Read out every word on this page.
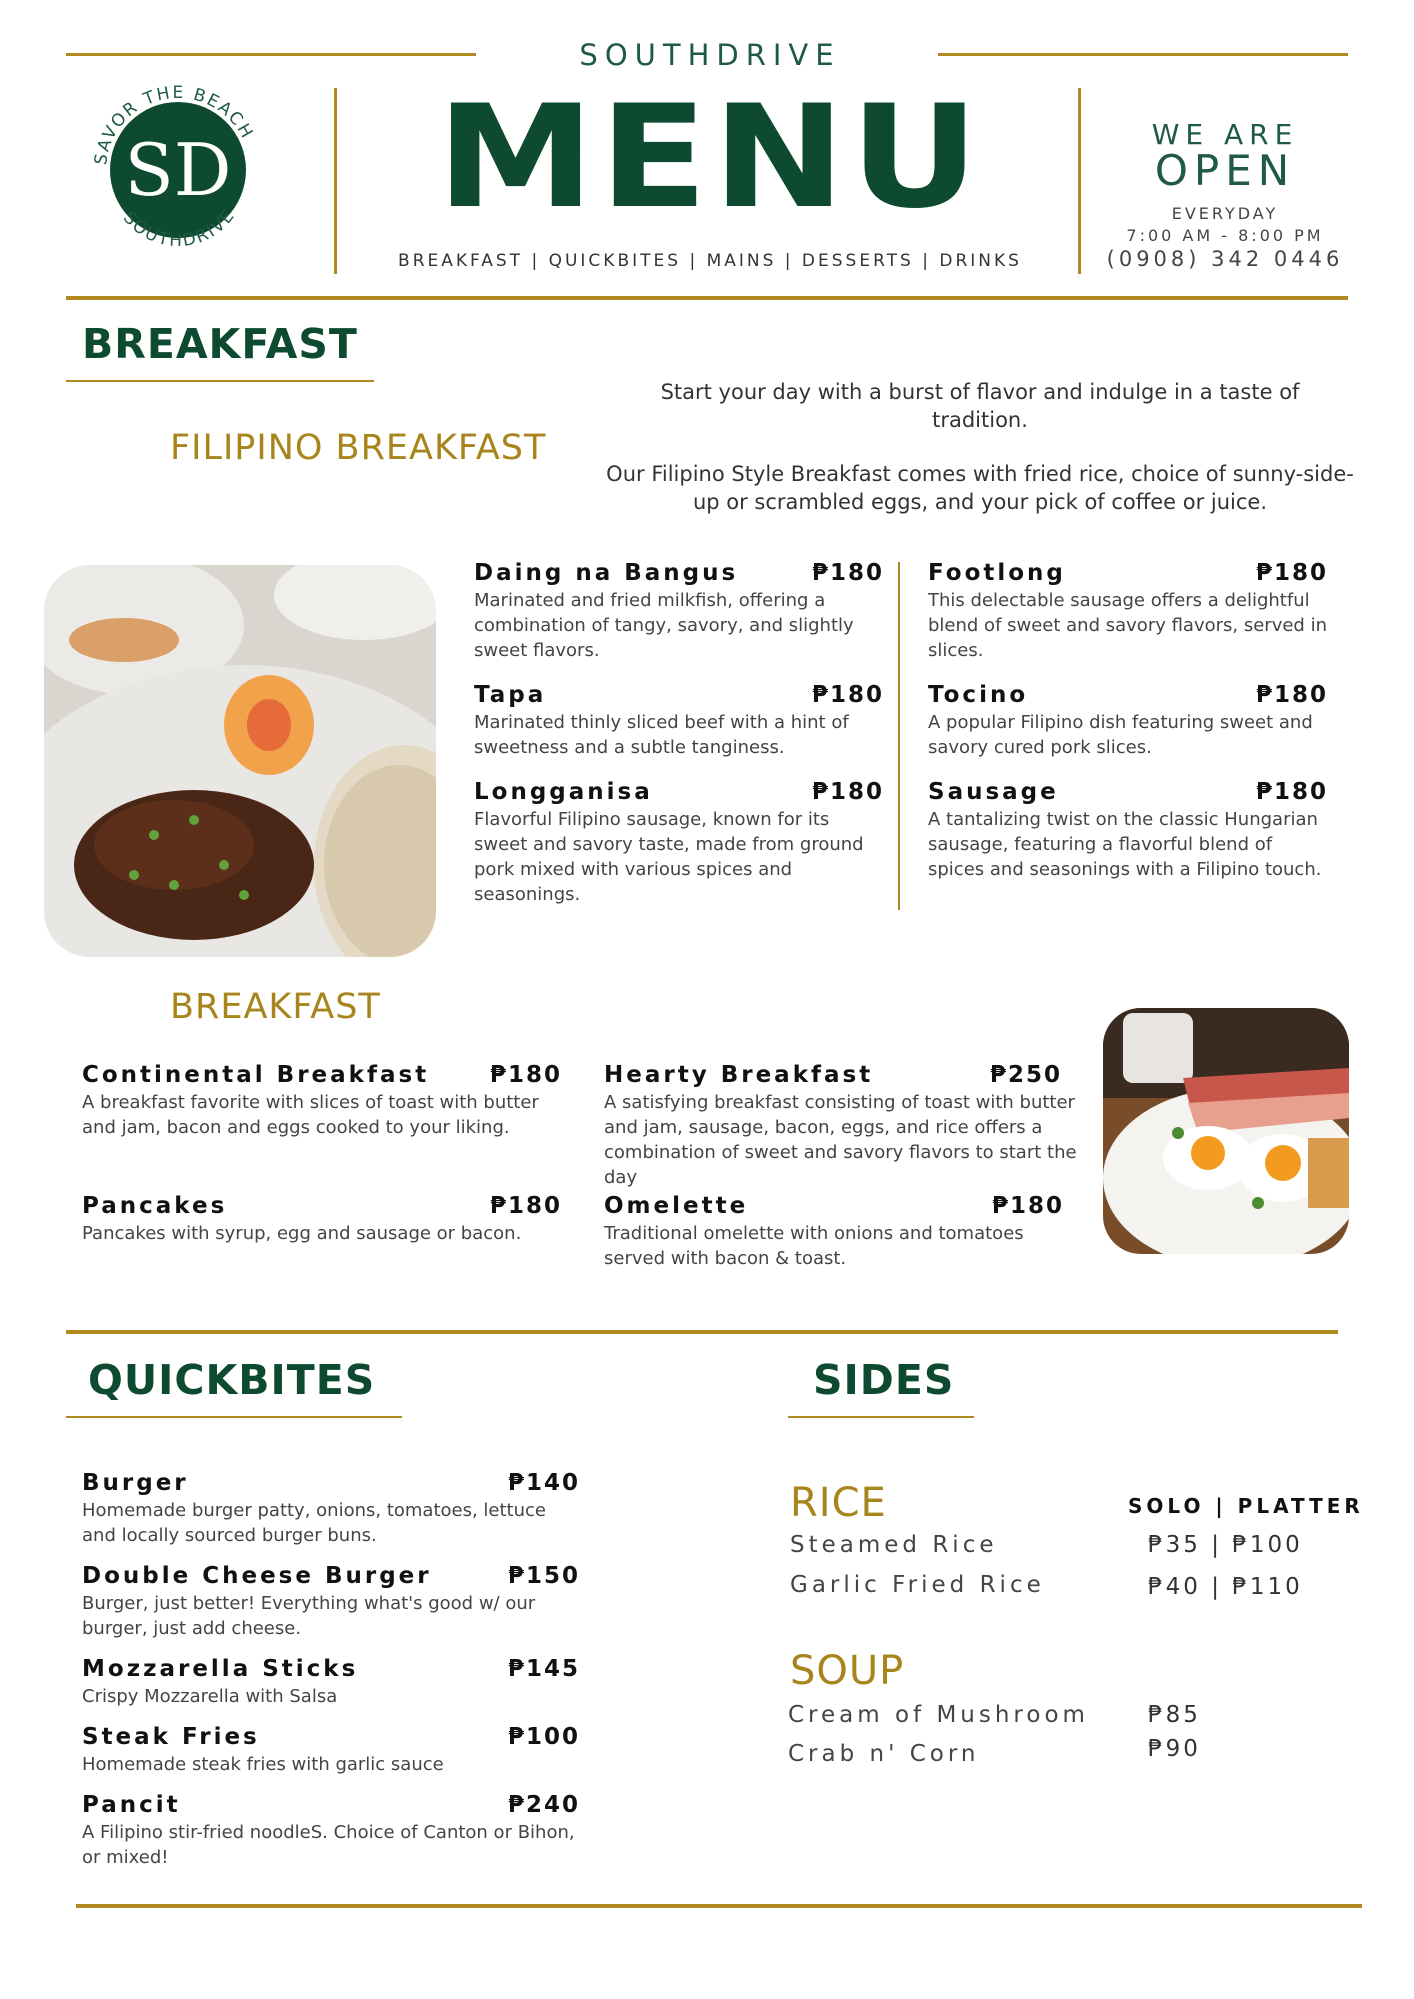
SOUTHDRIVE
SAVOR THE BEACH
SOUTHDRIVE
SD MENU
BREAKFAST | QUICKBITES | MAINS | DESSERTS | DRINKS
WE ARE
OPEN
EVERYDAY
7:00 AM - 8:00 PM
(0908) 342 0446
BREAKFAST
FILIPINO BREAKFAST
Start your day with a burst of flavor and indulge in a taste of tradition.
Our Filipino Style Breakfast comes with fried rice, choice of sunny-side-up or scrambled eggs, and your pick of coffee or juice.
Daing na Bangus	₱180
Marinated and fried milkfish, offering a combination of tangy, savory, and slightly sweet flavors.
Tapa	₱180
Marinated thinly sliced beef with a hint of sweetness and a subtle tanginess.
Longganisa	₱180
Flavorful Filipino sausage, known for its sweet and savory taste, made from ground pork mixed with various spices and seasonings.
Footlong	₱180
This delectable sausage offers a delightful blend of sweet and savory flavors, served in slices.
Tocino	₱180
A popular Filipino dish featuring sweet and savory cured pork slices.
Sausage	₱180
A tantalizing twist on the classic Hungarian sausage, featuring a flavorful blend of spices and seasonings with a Filipino touch.
BREAKFAST
Continental Breakfast	₱180
A breakfast favorite with slices of toast with butter and jam, bacon and eggs cooked to your liking.
Pancakes	₱180
Pancakes with syrup, egg and sausage or bacon.
Hearty Breakfast	₱250
A satisfying breakfast consisting of toast with butter and jam, sausage, bacon, eggs, and rice offers a combination of sweet and savory flavors to start the day
Omelette	₱180
Traditional omelette with onions and tomatoes served with bacon & toast.
QUICKBITES
Burger	₱140
Homemade burger patty, onions, tomatoes, lettuce and locally sourced burger buns.
Double Cheese Burger	₱150
Burger, just better! Everything what's good w/ our burger, just add cheese.
Mozzarella Sticks	₱145
Crispy Mozzarella with Salsa
Steak Fries	₱100
Homemade steak fries with garlic sauce
Pancit	₱240
A Filipino stir-fried noodleS. Choice of Canton or Bihon, or mixed!
SIDES
RICE	SOLO | PLATTER
Steamed Rice	₱35 | ₱100
Garlic Fried Rice	₱40 | ₱110
SOUP
Cream of Mushroom	₱85
Crab n' Corn	₱90
